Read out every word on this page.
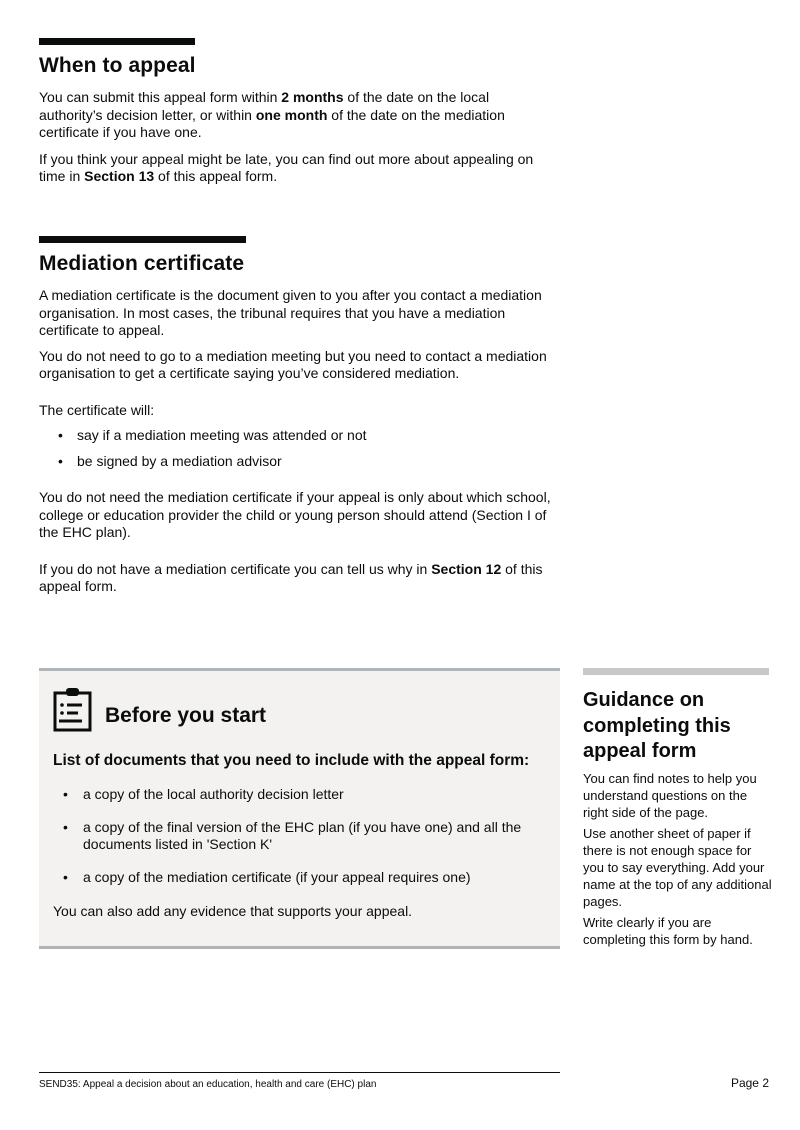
When to appeal

You can submit this appeal form within 2 months of the date on the local authority’s decision letter, or within one month of the date on the mediation certificate if you have one.

If you think your appeal might be late, you can find out more about appealing on time in Section 13 of this appeal form.

Mediation certificate

A mediation certificate is the document given to you after you contact a mediation organisation. In most cases, the tribunal requires that you have a mediation certificate to appeal.

You do not need to go to a mediation meeting but you need to contact a mediation organisation to get a certificate saying you’ve considered mediation.

The certificate will:

• say if a mediation meeting was attended or not
• be signed by a mediation advisor

You do not need the mediation certificate if your appeal is only about which school, college or education provider the child or young person should attend (Section I of the EHC plan).

If you do not have a mediation certificate you can tell us why in Section 12 of this appeal form.

Before you start
List of documents that you need to include with the appeal form:
• a copy of the local authority decision letter
• a copy of the final version of the EHC plan (if you have one) and all the documents listed in 'Section K'
• a copy of the mediation certificate (if your appeal requires one)
You can also add any evidence that supports your appeal.
Guidance on completing this appeal form

You can find notes to help you understand questions on the right side of the page.

Use another sheet of paper if there is not enough space for you to say everything. Add your name at the top of any additional pages.

Write clearly if you are completing this form by hand.

SEND35: Appeal a decision about an education, health and care (EHC) plan	Page 2
